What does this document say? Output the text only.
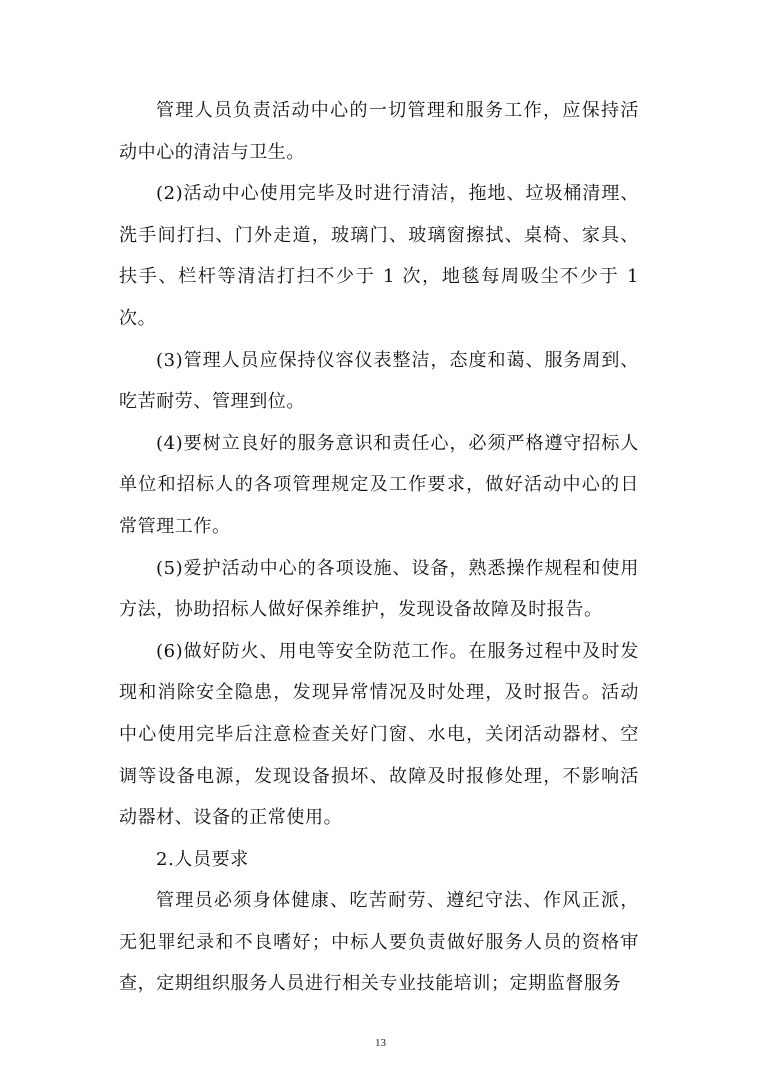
管理人员负责活动中心的一切管理和服务工作，应保持活动中心的清洁与卫生。

(2)活动中心使用完毕及时进行清洁，拖地、垃圾桶清理、洗手间打扫、门外走道，玻璃门、玻璃窗擦拭、桌椅、家具、扶手、栏杆等清洁打扫不少于 1 次，地毯每周吸尘不少于 1 次。

(3)管理人员应保持仪容仪表整洁，态度和蔼、服务周到、吃苦耐劳、管理到位。

(4)要树立良好的服务意识和责任心，必须严格遵守招标人单位和招标人的各项管理规定及工作要求，做好活动中心的日常管理工作。

(5)爱护活动中心的各项设施、设备，熟悉操作规程和使用方法，协助招标人做好保养维护，发现设备故障及时报告。

(6)做好防火、用电等安全防范工作。在服务过程中及时发现和消除安全隐患，发现异常情况及时处理，及时报告。活动中心使用完毕后注意检查关好门窗、水电，关闭活动器材、空调等设备电源，发现设备损坏、故障及时报修处理，不影响活动器材、设备的正常使用。

2.人员要求

管理员必须身体健康、吃苦耐劳、遵纪守法、作风正派，无犯罪纪录和不良嗜好；中标人要负责做好服务人员的资格审查，定期组织服务人员进行相关专业技能培训；定期监督服务

13
